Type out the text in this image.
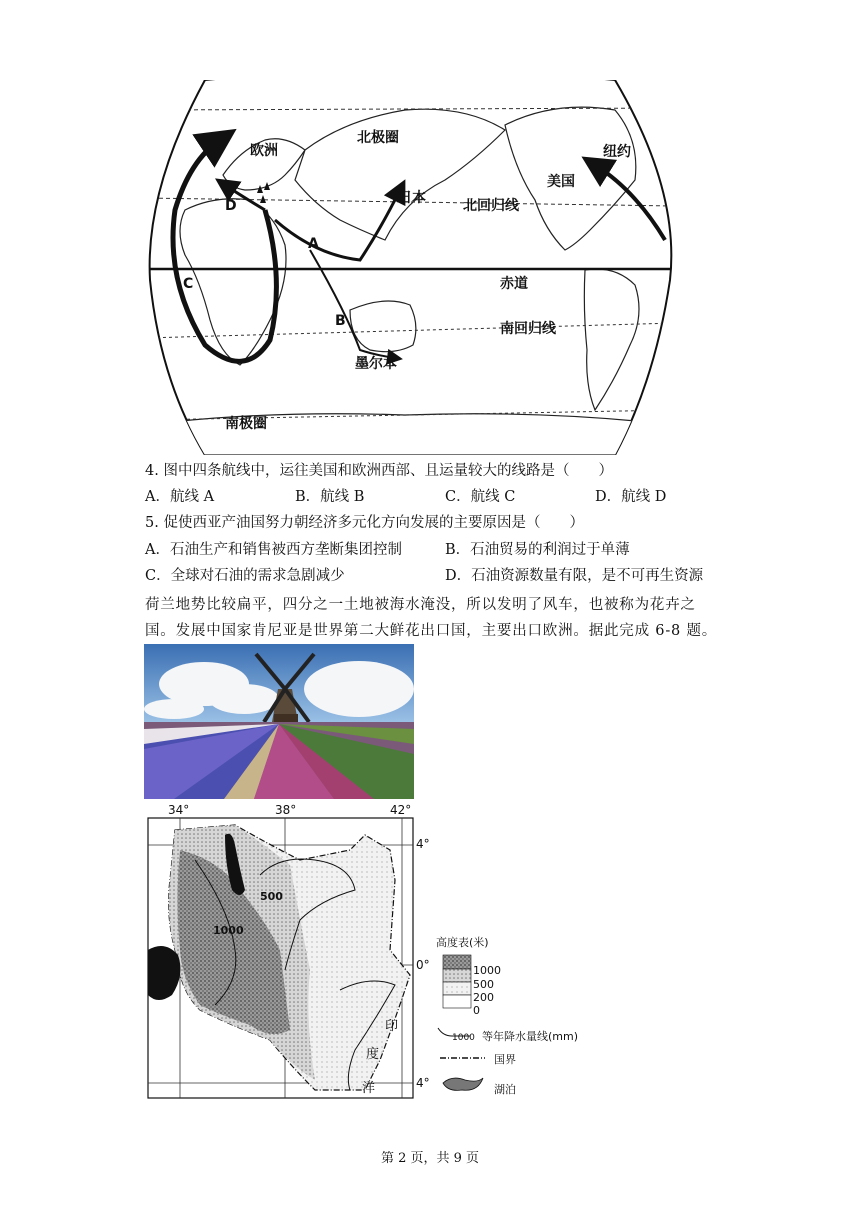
北极圈
欧洲	纽约
美国
日本	北回归线
赤道
南回归线
墨尔本
南极圈
A
B
C
D
4. 图中四条航线中，运往美国和欧洲西部、且运量较大的线路是（　　）
A．航线 A	B．航线 B	C．航线 C	D．航线 D
5. 促使西亚产油国努力朝经济多元化方向发展的主要原因是（　　）
A．石油生产和销售被西方垄断集团控制	B．石油贸易的利润过于单薄
C．全球对石油的需求急剧减少	D．石油资源数量有限，是不可再生资源
荷兰地势比较扁平，四分之一土地被海水淹没，所以发明了风车，也被称为花卉之
国。发展中国家肯尼亚是世界第二大鲜花出口国，主要出口欧洲。据此完成 6-8 题。
34°	38°	42°
4°
0°
4°
500
1000
印
度
洋
高度表(米)
1000
500
200
0
1000 等年降水量线(mm)
国界
湖泊
第 2 页，共 9 页
